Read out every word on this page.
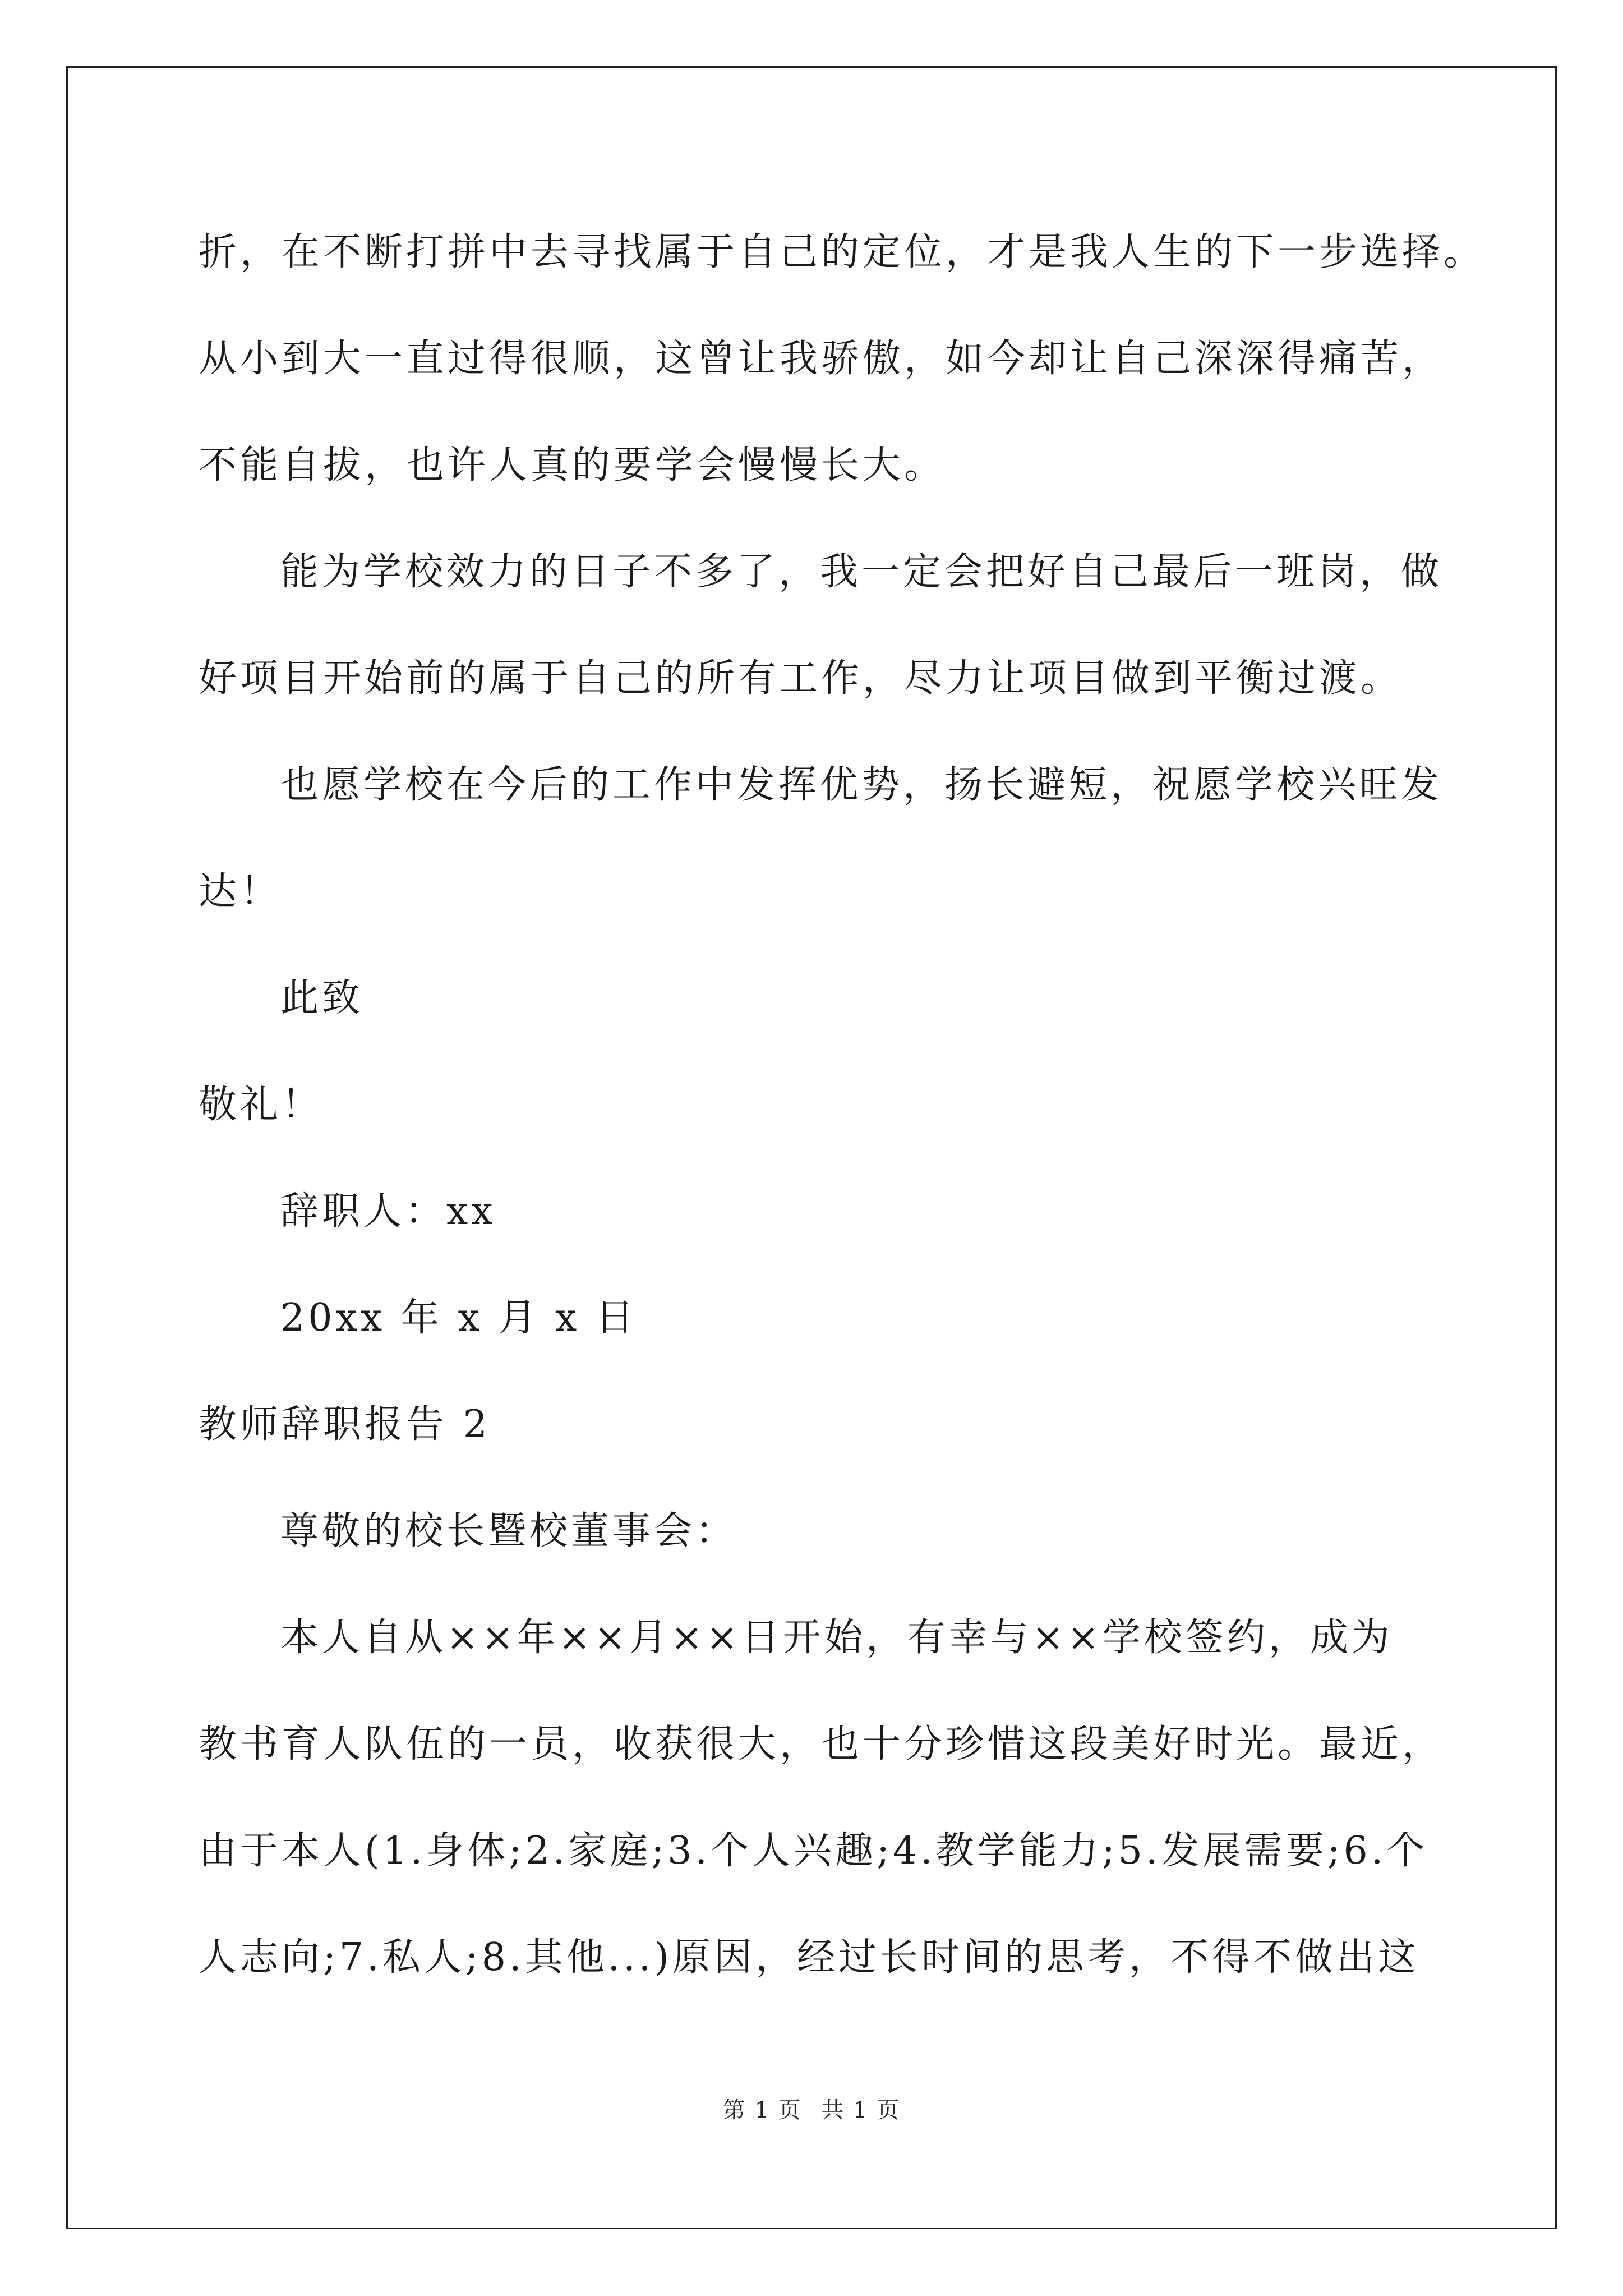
折，在不断打拼中去寻找属于自己的定位，才是我人生的下一步选择。
从小到大一直过得很顺，这曾让我骄傲，如今却让自己深深得痛苦，
不能自拔，也许人真的要学会慢慢长大。
能为学校效力的日子不多了，我一定会把好自己最后一班岗，做
好项目开始前的属于自己的所有工作，尽力让项目做到平衡过渡。
也愿学校在今后的工作中发挥优势，扬长避短，祝愿学校兴旺发
达！
此致
敬礼！
辞职人：xx
20xx 年 x 月 x 日
教师辞职报告 2
尊敬的校长暨校董事会：
本人自从××年××月××日开始，有幸与××学校签约，成为
教书育人队伍的一员，收获很大，也十分珍惜这段美好时光。最近，
由于本人(1.身体;2.家庭;3.个人兴趣;4.教学能力;5.发展需要;6.个
人志向;7.私人;8.其他...)原因，经过长时间的思考，不得不做出这
第 1 页 共 1 页
